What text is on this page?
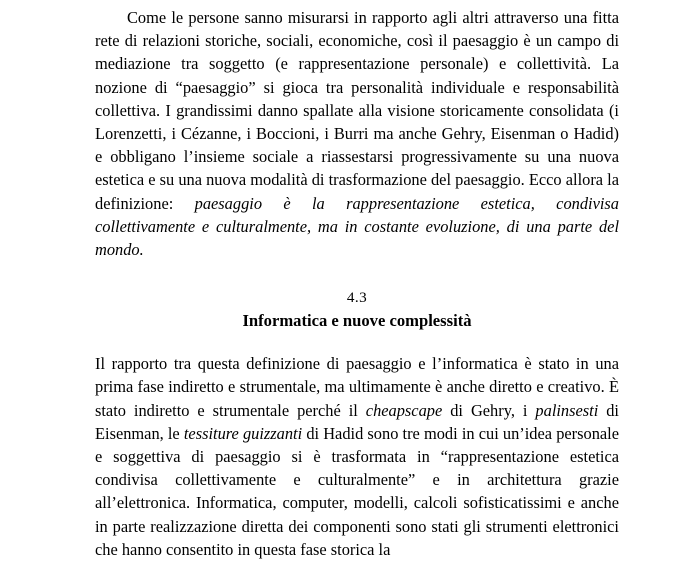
Come le persone sanno misurarsi in rapporto agli altri attraverso una fitta rete di relazioni storiche, sociali, economiche, così il paesaggio è un campo di mediazione tra soggetto (e rappresentazione personale) e collettività. La nozione di “paesaggio” si gioca tra personalità individuale e responsabilità collettiva. I grandissimi danno spallate alla visione storicamente consolidata (i Lorenzetti, i Cézanne, i Boccioni, i Burri ma anche Gehry, Eisenman o Hadid) e obbligano l’insieme sociale a riassestarsi progressivamente su una nuova estetica e su una nuova modalità di trasformazione del paesaggio. Ecco allora la definizione: paesaggio è la rappresentazione estetica, condivisa collettivamente e culturalmente, ma in costante evoluzione, di una parte del mondo.

4.3
Informatica e nuove complessità

Il rapporto tra questa definizione di paesaggio e l’informatica è stato in una prima fase indiretto e strumentale, ma ultimamente è anche diretto e creativo. È stato indiretto e strumentale perché il cheapscape di Gehry, i palinsesti di Eisenman, le tessiture guizzanti di Hadid sono tre modi in cui un’idea personale e soggettiva di paesaggio si è trasformata in “rappresentazione estetica condivisa collettivamente e culturalmente” e in architettura grazie all’elettronica. Informatica, computer, modelli, calcoli sofisticatissimi e anche in parte realizzazione diretta dei componenti sono stati gli strumenti elettronici che hanno consentito in questa fase storica la
